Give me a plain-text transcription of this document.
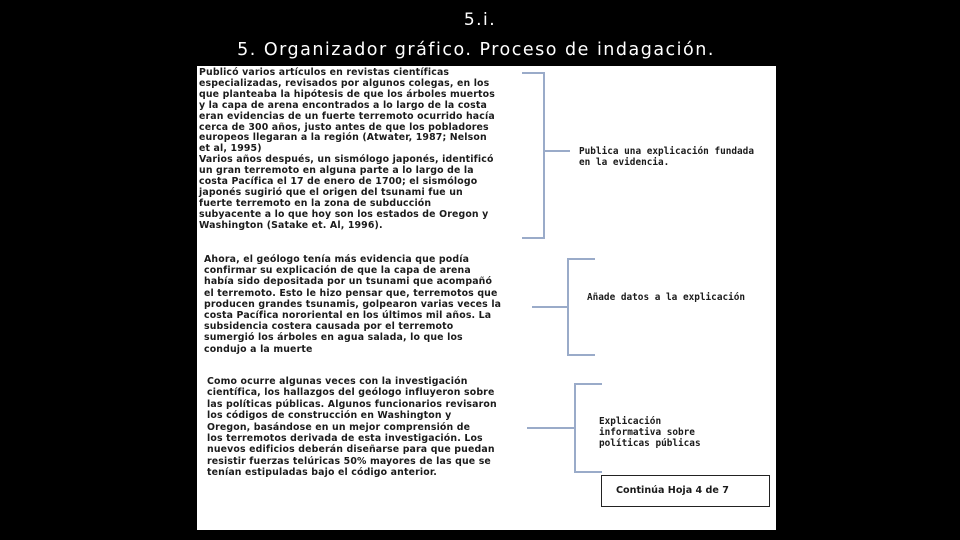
5.i.
5. Organizador gráfico. Proceso de indagación.
Publicó varios artículos en revistas científicas
especializadas, revisados por algunos colegas, en los
que planteaba la hipótesis de que los árboles muertos
y la capa de arena encontrados a lo largo de la costa
eran evidencias de un fuerte terremoto ocurrido hacía
cerca de 300 años, justo antes de que los pobladores
europeos llegaran a la región (Atwater, 1987; Nelson
et al, 1995)
Varios años después, un sismólogo japonés, identificó
un gran terremoto en alguna parte a lo largo de la
costa Pacífica el 17 de enero de 1700; el sismólogo
japonés sugirió que el origen del tsunami fue un
fuerte terremoto en la zona de subducción
subyacente a lo que hoy son los estados de Oregon y
Washington (Satake et. Al, 1996).
Publica una explicación fundada
en la evidencia.
Ahora, el geólogo tenía más evidencia que podía
confirmar su explicación de que la capa de arena
había sido depositada por un tsunami que acompañó
el terremoto. Esto le hizo pensar que, terremotos que
producen grandes tsunamis, golpearon varias veces la
costa Pacífica nororiental en los últimos mil años. La
subsidencia costera causada por el terremoto
sumergió los árboles en agua salada, lo que los
condujo a la muerte
Añade datos a la explicación
Como ocurre algunas veces con la investigación
científica, los hallazgos del geólogo influyeron sobre
las políticas públicas. Algunos funcionarios revisaron
los códigos de construcción en Washington y
Oregon, basándose en un mejor comprensión de
los terremotos derivada de esta investigación. Los
nuevos edificios deberán diseñarse para que puedan
resistir fuerzas telúricas 50% mayores de las que se
tenían estipuladas bajo el código anterior.
Explicación
informativa sobre
políticas públicas

Continúa Hoja 4 de 7
